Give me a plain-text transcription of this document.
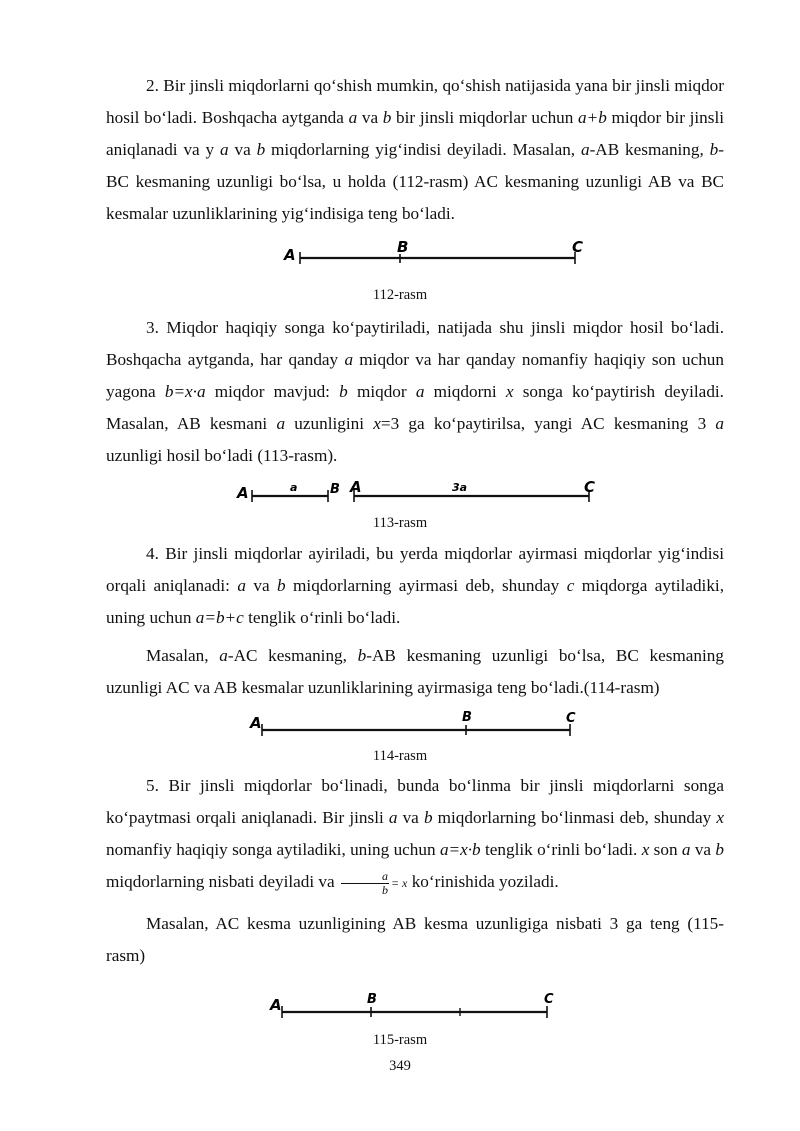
2. Bir jinsli miqdorlarni qo‘shish mumkin, qo‘shish natijasida yana bir jinsli miqdor hosil bo‘ladi. Boshqacha aytganda a va b bir jinsli miqdorlar uchun a+b miqdor bir jinsli aniqlanadi va y a va b miqdorlarning yig‘indisi deyiladi. Masalan, a-AB kesmaning, b-BC kesmaning uzunligi bo‘lsa, u holda (112-rasm) AC kesmaning uzunligi AB va BC kesmalar uzunliklarining yig‘indisiga teng bo‘ladi.

A	B	C
112-rasm

3. Miqdor haqiqiy songa ko‘paytiriladi, natijada shu jinsli miqdor hosil bo‘ladi. Boshqacha aytganda, har qanday a miqdor va har qanday nomanfiy haqiqiy son uchun yagona b=x·a miqdor mavjud: b miqdor a miqdorni x songa ko‘paytirish deyiladi. Masalan, AB kesmani a uzunligini x=3 ga ko‘paytirilsa, yangi AC kesmaning 3 a uzunligi hosil bo‘ladi (113-rasm).

A	a	B A	3a	C
113-rasm

4. Bir jinsli miqdorlar ayiriladi, bu yerda miqdorlar ayirmasi miqdorlar yig‘indisi orqali aniqlanadi: a va b miqdorlarning ayirmasi deb, shunday c miqdorga aytiladiki, uning uchun a=b+c tenglik o‘rinli bo‘ladi.

Masalan, a-AC kesmaning, b-AB kesmaning uzunligi bo‘lsa, BC kesmaning uzunligi AC va AB kesmalar uzunliklarining ayirmasiga teng bo‘ladi.(114-rasm)

A	B	C
114-rasm

5. Bir jinsli miqdorlar bo‘linadi, bunda bo‘linma bir jinsli miqdorlarni songa ko‘paytmasi orqali aniqlanadi. Bir jinsli a va b miqdorlarning bo‘linmasi deb, shunday x nomanfiy haqiqiy songa aytiladiki, uning uchun a=x·b tenglik o‘rinli bo‘ladi. x son a va b miqdorlarning nisbati deyiladi va $\frac{a}{b} = x$ ko‘rinishida yoziladi.

Masalan, AC kesma uzunligining AB kesma uzunligiga nisbati 3 ga teng (115-rasm)

A	B	C
115-rasm
349
